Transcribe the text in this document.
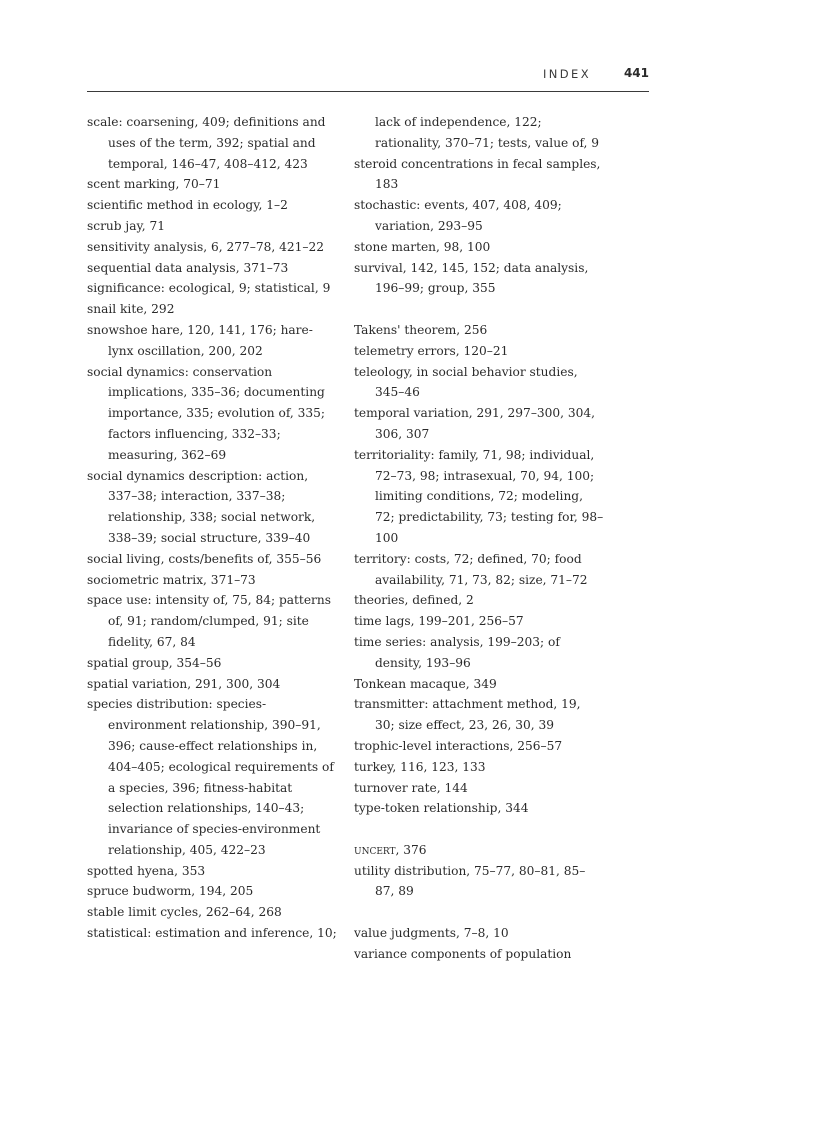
INDEX	441
scale: coarsening, 409; definitions and uses of the term, 392; spatial and temporal, 146–47, 408–412, 423
scent marking, 70–71
scientific method in ecology, 1–2
scrub jay, 71
sensitivity analysis, 6, 277–78, 421–22
sequential data analysis, 371–73
significance: ecological, 9; statistical, 9
snail kite, 292
snowshoe hare, 120, 141, 176; hare-lynx oscillation, 200, 202
social dynamics: conservation implications, 335–36; documenting importance, 335; evolution of, 335; factors influencing, 332–33; measuring, 362–69
social dynamics description: action, 337–38; interaction, 337–38; relationship, 338; social network, 338–39; social structure, 339–40
social living, costs/benefits of, 355–56
sociometric matrix, 371–73
space use: intensity of, 75, 84; patterns of, 91; random/clumped, 91; site fidelity, 67, 84
spatial group, 354–56
spatial variation, 291, 300, 304
species distribution: species-environment relationship, 390–91, 396; cause-effect relationships in, 404–405; ecological requirements of a species, 396; fitness-habitat selection relationships, 140–43; invariance of species-environment relationship, 405, 422–23
spotted hyena, 353
spruce budworm, 194, 205
stable limit cycles, 262–64, 268
statistical: estimation and inference, 10;
lack of independence, 122; rationality, 370–71; tests, value of, 9
steroid concentrations in fecal samples, 183
stochastic: events, 407, 408, 409; variation, 293–95
stone marten, 98, 100
survival, 142, 145, 152; data analysis, 196–99; group, 355
Takens' theorem, 256
telemetry errors, 120–21
teleology, in social behavior studies, 345–46
temporal variation, 291, 297–300, 304, 306, 307
territoriality: family, 71, 98; individual, 72–73, 98; intrasexual, 70, 94, 100; limiting conditions, 72; modeling, 72; predictability, 73; testing for, 98–100
territory: costs, 72; defined, 70; food availability, 71, 73, 82; size, 71–72
theories, defined, 2
time lags, 199–201, 256–57
time series: analysis, 199–203; of density, 193–96
Tonkean macaque, 349
transmitter: attachment method, 19, 30; size effect, 23, 26, 30, 39
trophic-level interactions, 256–57
turkey, 116, 123, 133
turnover rate, 144
type-token relationship, 344
uncert, 376
utility distribution, 75–77, 80–81, 85–87, 89
value judgments, 7–8, 10
variance components of population
